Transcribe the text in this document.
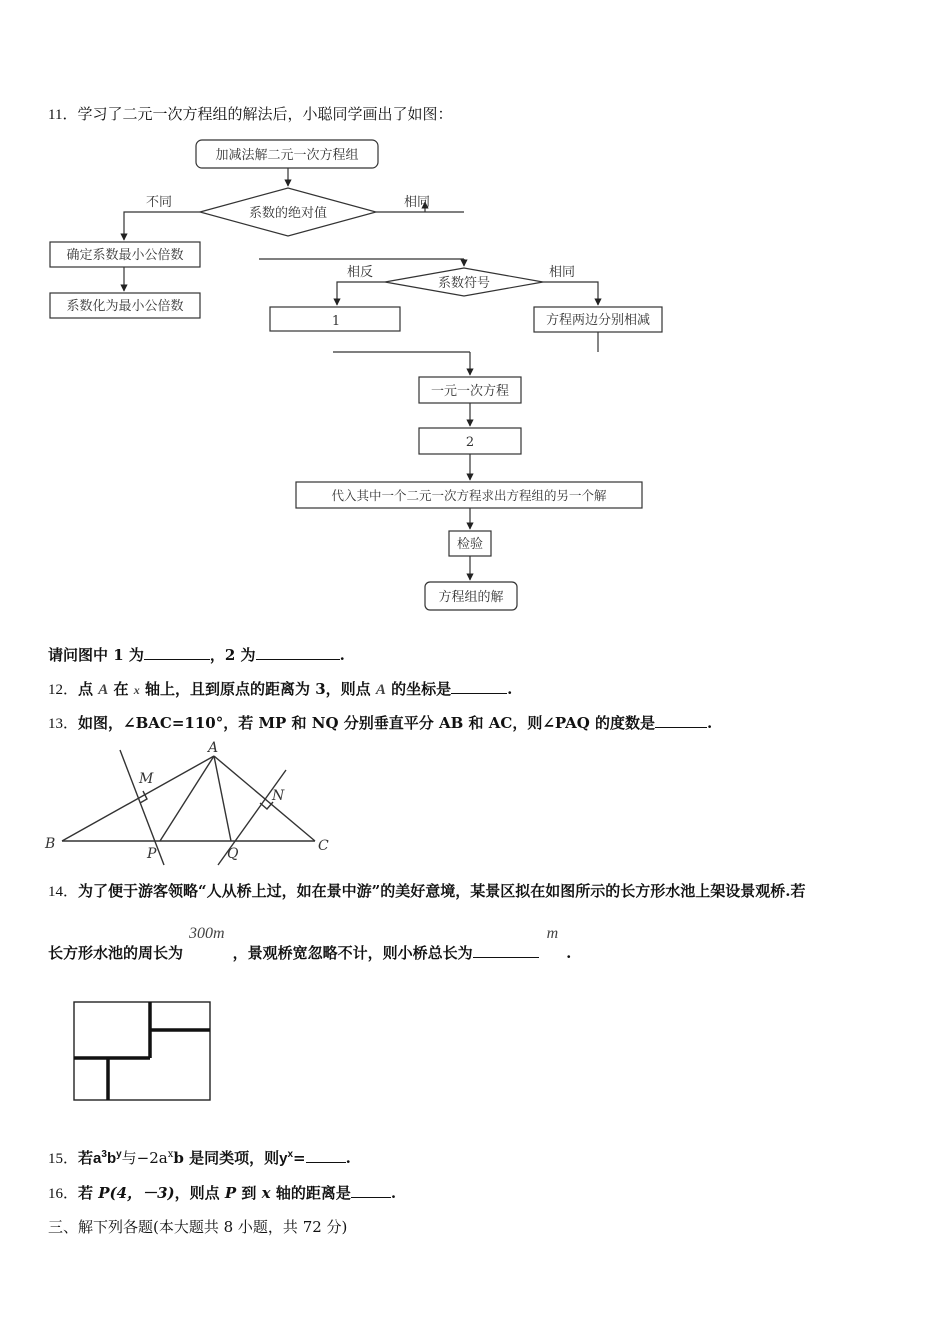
11．学习了二元一次方程组的解法后，小聪同学画出了如图：
加减法解二元一次方程组
系数的绝对值
不同	相同
确定系数最小公倍数
系数化为最小公倍数
系数符号
相反	相同
1	方程两边分别相减
一元一次方程
2
代入其中一个二元一次方程求出方程组的另一个解
检验
方程组的解
请问图中 1 为	，2 为	.
12．点 A 在 x 轴上，且到原点的距离为 3，则点 A 的坐标是	.
13．如图，∠BAC=110°，若 MP 和 NQ 分别垂直平分 AB 和 AC，则∠PAQ 的度数是	.
A
B	C
M
N
P	Q
14．为了便于游客领略“人从桥上过，如在景中游”的美好意境，某景区拟在如图所示的长方形水池上架设景观桥.若
长方形水池的周长为300m，景观桥宽忽略不计，则小桥总长为m.
15．若$a^3b^y$与$-2a^xb$ 是同类项，则$y^x=$	.
16．若 P(4，－3)，则点 P 到 x 轴的距离是	.
三、解下列各题(本大题共 8 小题，共 72 分)
